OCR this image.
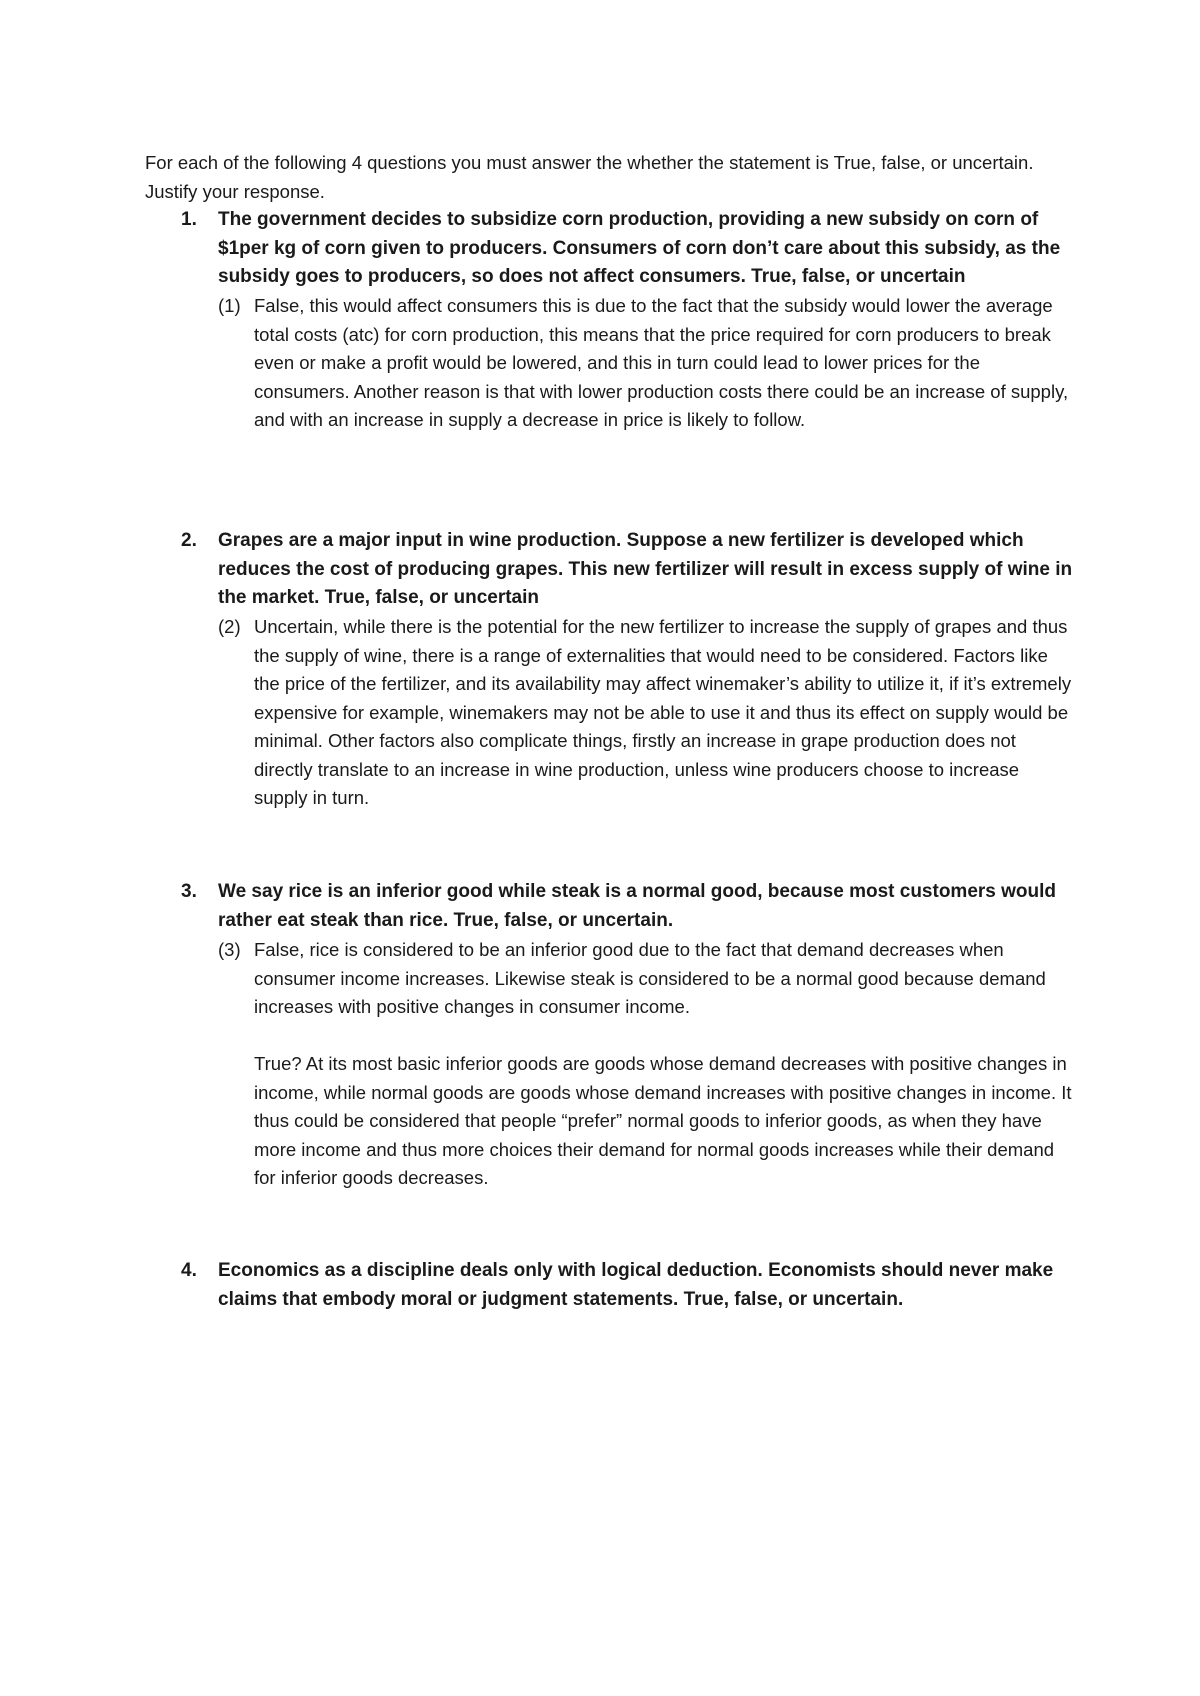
For each of the following 4 questions you must answer the whether the statement is True, false, or uncertain. Justify your response.

1. The government decides to subsidize corn production, providing a new subsidy on corn of $1per kg of corn given to producers. Consumers of corn don’t care about this subsidy, as the subsidy goes to producers, so does not affect consumers. True, false, or uncertain

(1) False, this would affect consumers this is due to the fact that the subsidy would lower the average total costs (atc) for corn production, this means that the price required for corn producers to break even or make a profit would be lowered, and this in turn could lead to lower prices for the consumers. Another reason is that with lower production costs there could be an increase of supply, and with an increase in supply a decrease in price is likely to follow.

2. Grapes are a major input in wine production. Suppose a new fertilizer is developed which reduces the cost of producing grapes. This new fertilizer will result in excess supply of wine in the market. True, false, or uncertain

(2) Uncertain, while there is the potential for the new fertilizer to increase the supply of grapes and thus the supply of wine, there is a range of externalities that would need to be considered. Factors like the price of the fertilizer, and its availability may affect winemaker’s ability to utilize it, if it’s extremely expensive for example, winemakers may not be able to use it and thus its effect on supply would be minimal. Other factors also complicate things, firstly an increase in grape production does not directly translate to an increase in wine production, unless wine producers choose to increase supply in turn.

3. We say rice is an inferior good while steak is a normal good, because most customers would rather eat steak than rice. True, false, or uncertain.

(3) False, rice is considered to be an inferior good due to the fact that demand decreases when consumer income increases. Likewise steak is considered to be a normal good because demand increases with positive changes in consumer income.

True? At its most basic inferior goods are goods whose demand decreases with positive changes in income, while normal goods are goods whose demand increases with positive changes in income. It thus could be considered that people “prefer” normal goods to inferior goods, as when they have more income and thus more choices their demand for normal goods increases while their demand for inferior goods decreases.

4. Economics as a discipline deals only with logical deduction. Economists should never make claims that embody moral or judgment statements. True, false, or uncertain.
